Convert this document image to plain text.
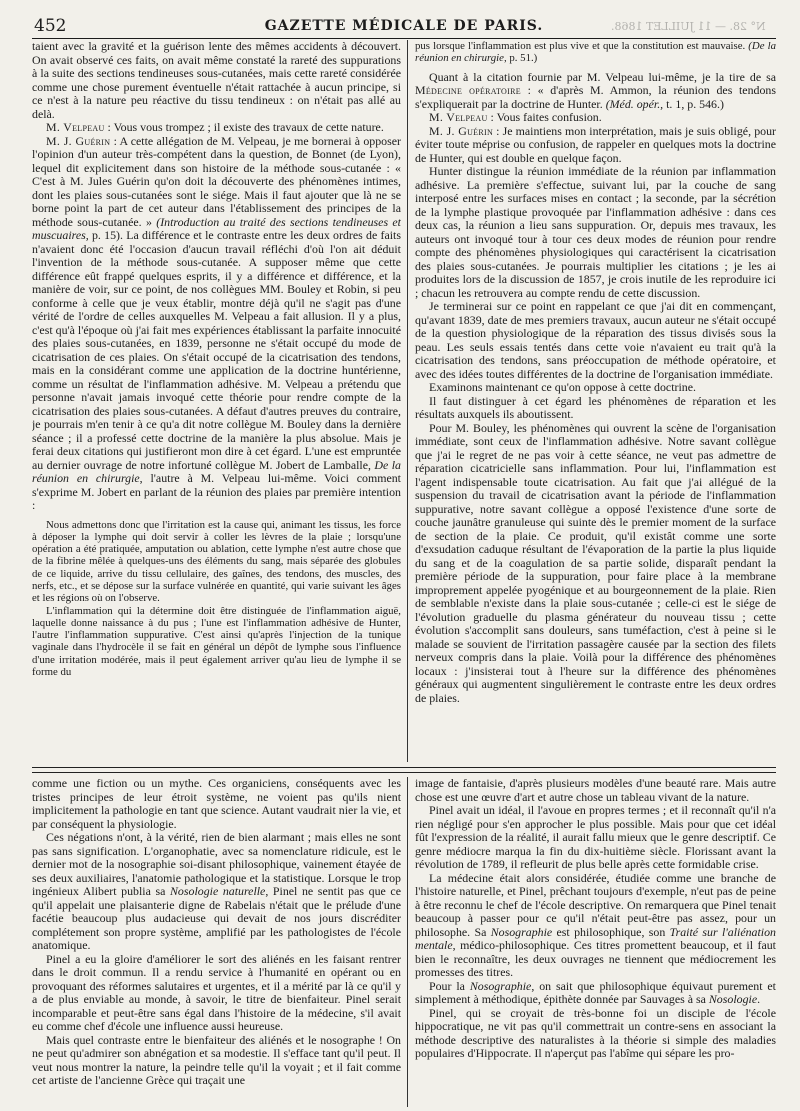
452	GAZETTE MÉDICALE DE PARIS.	N° 28. — 11 JUILLET 1868.

taient avec la gravité et la guérison lente des mêmes accidents à découvert. On avait observé ces faits, on avait même constaté la rareté des suppurations à la suite des sections tendineuses sous-cutanées, mais cette rareté considérée comme une chose purement éventuelle n'était rattachée à aucun principe, si ce n'est à la nature peu réactive du tissu tendineux : on n'était pas allé au delà.

M. Velpeau : Vous vous trompez ; il existe des travaux de cette nature.

M. J. Guérin : A cette allégation de M. Velpeau, je me bornerai à opposer l'opinion d'un auteur très-compétent dans la question, de Bonnet (de Lyon), lequel dit explicitement dans son histoire de la méthode sous-cutanée : « C'est à M. Jules Guérin qu'on doit la découverte des phénomènes intimes, dont les plaies sous-cutanées sont le siége. Mais il faut ajouter que là ne se borne point la part de cet auteur dans l'établissement des principes de la méthode sous-cutanée. » (Introduction au traité des sections tendineuses et muscuaires, p. 15). La différence et le contraste entre les deux ordres de faits n'avaient donc été l'occasion d'aucun travail réfléchi d'où l'on ait déduit l'invention de la méthode sous-cutanée. A supposer même que cette différence eût frappé quelques esprits, il y a différence et différence, et la manière de voir, sur ce point, de nos collègues MM. Bouley et Robin, si peu conforme à celle que je veux établir, montre déjà qu'il ne s'agit pas d'une vérité de l'ordre de celles auxquelles M. Velpeau a fait allusion. Il y a plus, c'est qu'à l'époque où j'ai fait mes expériences établissant la parfaite innocuité des plaies sous-cutanées, en 1839, personne ne s'était occupé du mode de cicatrisation de ces plaies. On s'était occupé de la cicatrisation des tendons, mais en la considérant comme une application de la doctrine huntérienne, comme un résultat de l'inflammation adhésive. M. Velpeau a prétendu que personne n'avait jamais invoqué cette théorie pour rendre compte de la cicatrisation des plaies sous-cutanées. A défaut d'autres preuves du contraire, je pourrais m'en tenir à ce qu'a dit notre collègue M. Bouley dans la dernière séance ; il a professé cette doctrine de la manière la plus absolue. Mais je ferai deux citations qui justifieront mon dire à cet égard. L'une est empruntée au dernier ouvrage de notre infortuné collègue M. Jobert de Lamballe, De la réunion en chirurgie, l'autre à M. Velpeau lui-même. Voici comment s'exprime M. Jobert en parlant de la réunion des plaies par première intention :

Nous admettons donc que l'irritation est la cause qui, animant les tissus, les force à déposer la lymphe qui doit servir à coller les lèvres de la plaie ; lorsqu'une opération a été pratiquée, amputation ou ablation, cette lymphe n'est autre chose que de la fibrine mêlée à quelques-uns des éléments du sang, mais séparée des globules de ce liquide, arrive du tissu cellulaire, des gaînes, des tendons, des muscles, des nerfs, etc., et se dépose sur la surface vulnérée en quantité, qui varie suivant les âges et les régions où on l'observe.

L'inflammation qui la détermine doit être distinguée de l'inflammation aiguë, laquelle donne naissance à du pus ; l'une est l'inflammation adhésive de Hunter, l'autre l'inflammation suppurative. C'est ainsi qu'après l'injection de la tunique vaginale dans l'hydrocèle il se fait en général un dépôt de lymphe sous l'influence d'une irritation modérée, mais il peut également arriver qu'au lieu de lymphe il se forme du

pus lorsque l'inflammation est plus vive et que la constitution est mauvaise. (De la réunion en chirurgie, p. 51.)

Quant à la citation fournie par M. Velpeau lui-même, je la tire de sa Médecine opératoire : « d'après M. Ammon, la réunion des tendons s'expliquerait par la doctrine de Hunter. (Méd. opér., t. 1, p. 546.)

M. Velpeau : Vous faites confusion.

M. J. Guérin : Je maintiens mon interprétation, mais je suis obligé, pour éviter toute méprise ou confusion, de rappeler en quelques mots la doctrine de Hunter, qui est double en quelque façon.

Hunter distingue la réunion immédiate de la réunion par inflammation adhésive. La première s'effectue, suivant lui, par la couche de sang interposé entre les surfaces mises en contact ; la seconde, par la sécrétion de la lymphe plastique provoquée par l'inflammation adhésive : dans ces deux cas, la réunion a lieu sans suppuration. Or, depuis mes travaux, les auteurs ont invoqué tour à tour ces deux modes de réunion pour rendre compte des phénomènes physiologiques qui caractérisent la cicatrisation des plaies sous-cutanées. Je pourrais multiplier les citations ; je les ai produites lors de la discussion de 1857, je crois inutile de les reproduire ici ; chacun les retrouvera au compte rendu de cette discussion.

Je terminerai sur ce point en rappelant ce que j'ai dit en commençant, qu'avant 1839, date de mes premiers travaux, aucun auteur ne s'était occupé de la question physiologique de la réparation des tissus divisés sous la peau. Les seuls essais tentés dans cette voie n'avaient eu trait qu'à la cicatrisation des tendons, sans préoccupation de méthode opératoire, et avec des idées toutes différentes de la doctrine de l'organisation immédiate.

Examinons maintenant ce qu'on oppose à cette doctrine.

Il faut distinguer à cet égard les phénomènes de réparation et les résultats auxquels ils aboutissent.

Pour M. Bouley, les phénomènes qui ouvrent la scène de l'organisation immédiate, sont ceux de l'inflammation adhésive. Notre savant collègue que j'ai le regret de ne pas voir à cette séance, ne veut pas admettre de réparation cicatricielle sans inflammation. Pour lui, l'inflammation est l'agent indispensable toute cicatrisation. Au fait que j'ai allégué de la suspension du travail de cicatrisation avant la période de l'inflammation suppurative, notre savant collègue a opposé l'existence d'une sorte de couche jaunâtre granuleuse qui suinte dès le premier moment de la surface de section de la plaie. Ce produit, qu'il existât comme une sorte d'exsudation caduque résultant de l'évaporation de la partie la plus liquide du sang et de la coagulation de sa partie solide, disparaît pendant la première période de la suppuration, pour faire place à la membrane improprement appelée pyogénique et au bourgeonnement de la plaie. Rien de semblable n'existe dans la plaie sous-cutanée ; celle-ci est le siége de l'évolution graduelle du plasma générateur du nouveau tissu ; cette évolution s'accomplit sans douleurs, sans tuméfaction, c'est à peine si le malade se souvient de l'irritation passagère causée par la section des filets nerveux compris dans la plaie. Voilà pour la différence des phénomènes locaux : j'insisterai tout à l'heure sur la différence des phénomènes généraux qui augmentent singulièrement le contraste entre les deux ordres de plaies.

comme une fiction ou un mythe. Ces organiciens, conséquents avec les tristes principes de leur étroit système, ne voient pas qu'ils nient implicitement la pathologie en tant que science. Autant vaudrait nier la vie, et par conséquent la physiologie.

Ces négations n'ont, à la vérité, rien de bien alarmant ; mais elles ne sont pas sans signification. L'organophatie, avec sa nomenclature ridicule, est le dernier mot de la nosographie soi-disant philosophique, vainement étayée de ses deux auxiliaires, l'anatomie pathologique et la statistique. Lorsque le trop ingénieux Alibert publia sa Nosologie naturelle, Pinel ne sentit pas que ce qu'il appelait une plaisanterie digne de Rabelais n'était que le prélude d'une facétie beaucoup plus audacieuse qui devait de nos jours discréditer complétement son propre système, amplifié par les pathologistes de l'école anatomique.

Pinel a eu la gloire d'améliorer le sort des aliénés en les faisant rentrer dans le droit commun. Il a rendu service à l'humanité en opérant ou en provoquant des réformes salutaires et urgentes, et il a mérité par là ce qu'il y a de plus enviable au monde, à savoir, le titre de bienfaiteur. Pinel serait incomparable et peut-être sans égal dans l'histoire de la médecine, s'il avait eu comme chef d'école une influence aussi heureuse.

Mais quel contraste entre le bienfaiteur des aliénés et le nosographe ! On ne peut qu'admirer son abnégation et sa modestie. Il s'efface tant qu'il peut. Il veut nous montrer la nature, la peindre telle qu'il la voyait ; et il fait comme cet artiste de l'ancienne Grèce qui traçait une

image de fantaisie, d'après plusieurs modèles d'une beauté rare. Mais autre chose est une œuvre d'art et autre chose un tableau vivant de la nature.

Pinel avait un idéal, il l'avoue en propres termes ; et il reconnaît qu'il n'a rien négligé pour s'en approcher le plus possible. Mais pour que cet idéal fût l'expression de la réalité, il aurait fallu mieux que le genre descriptif. Ce genre médiocre marqua la fin du dix-huitième siècle. Florissant avant la révolution de 1789, il refleurit de plus belle après cette formidable crise.

La médecine était alors considérée, étudiée comme une branche de l'histoire naturelle, et Pinel, prêchant toujours d'exemple, n'eut pas de peine à être reconnu le chef de l'école descriptive. On remarquera que Pinel tenait beaucoup à passer pour ce qu'il n'était peut-être pas assez, pour un philosophe. Sa Nosographie est philosophique, son Traité sur l'aliénation mentale, médico-philosophique. Ces titres promettent beaucoup, et il faut bien le reconnaître, les deux ouvrages ne tiennent que médiocrement les promesses des titres.

Pour la Nosographie, on sait que philosophique équivaut purement et simplement à méthodique, épithète donnée par Sauvages à sa Nosologie.

Pinel, qui se croyait de très-bonne foi un disciple de l'école hippocratique, ne vit pas qu'il commettrait un contre-sens en associant la méthode descriptive des naturalistes à la théorie si simple des maladies populaires d'Hippocrate. Il n'aperçut pas l'abîme qui sépare les pro-
